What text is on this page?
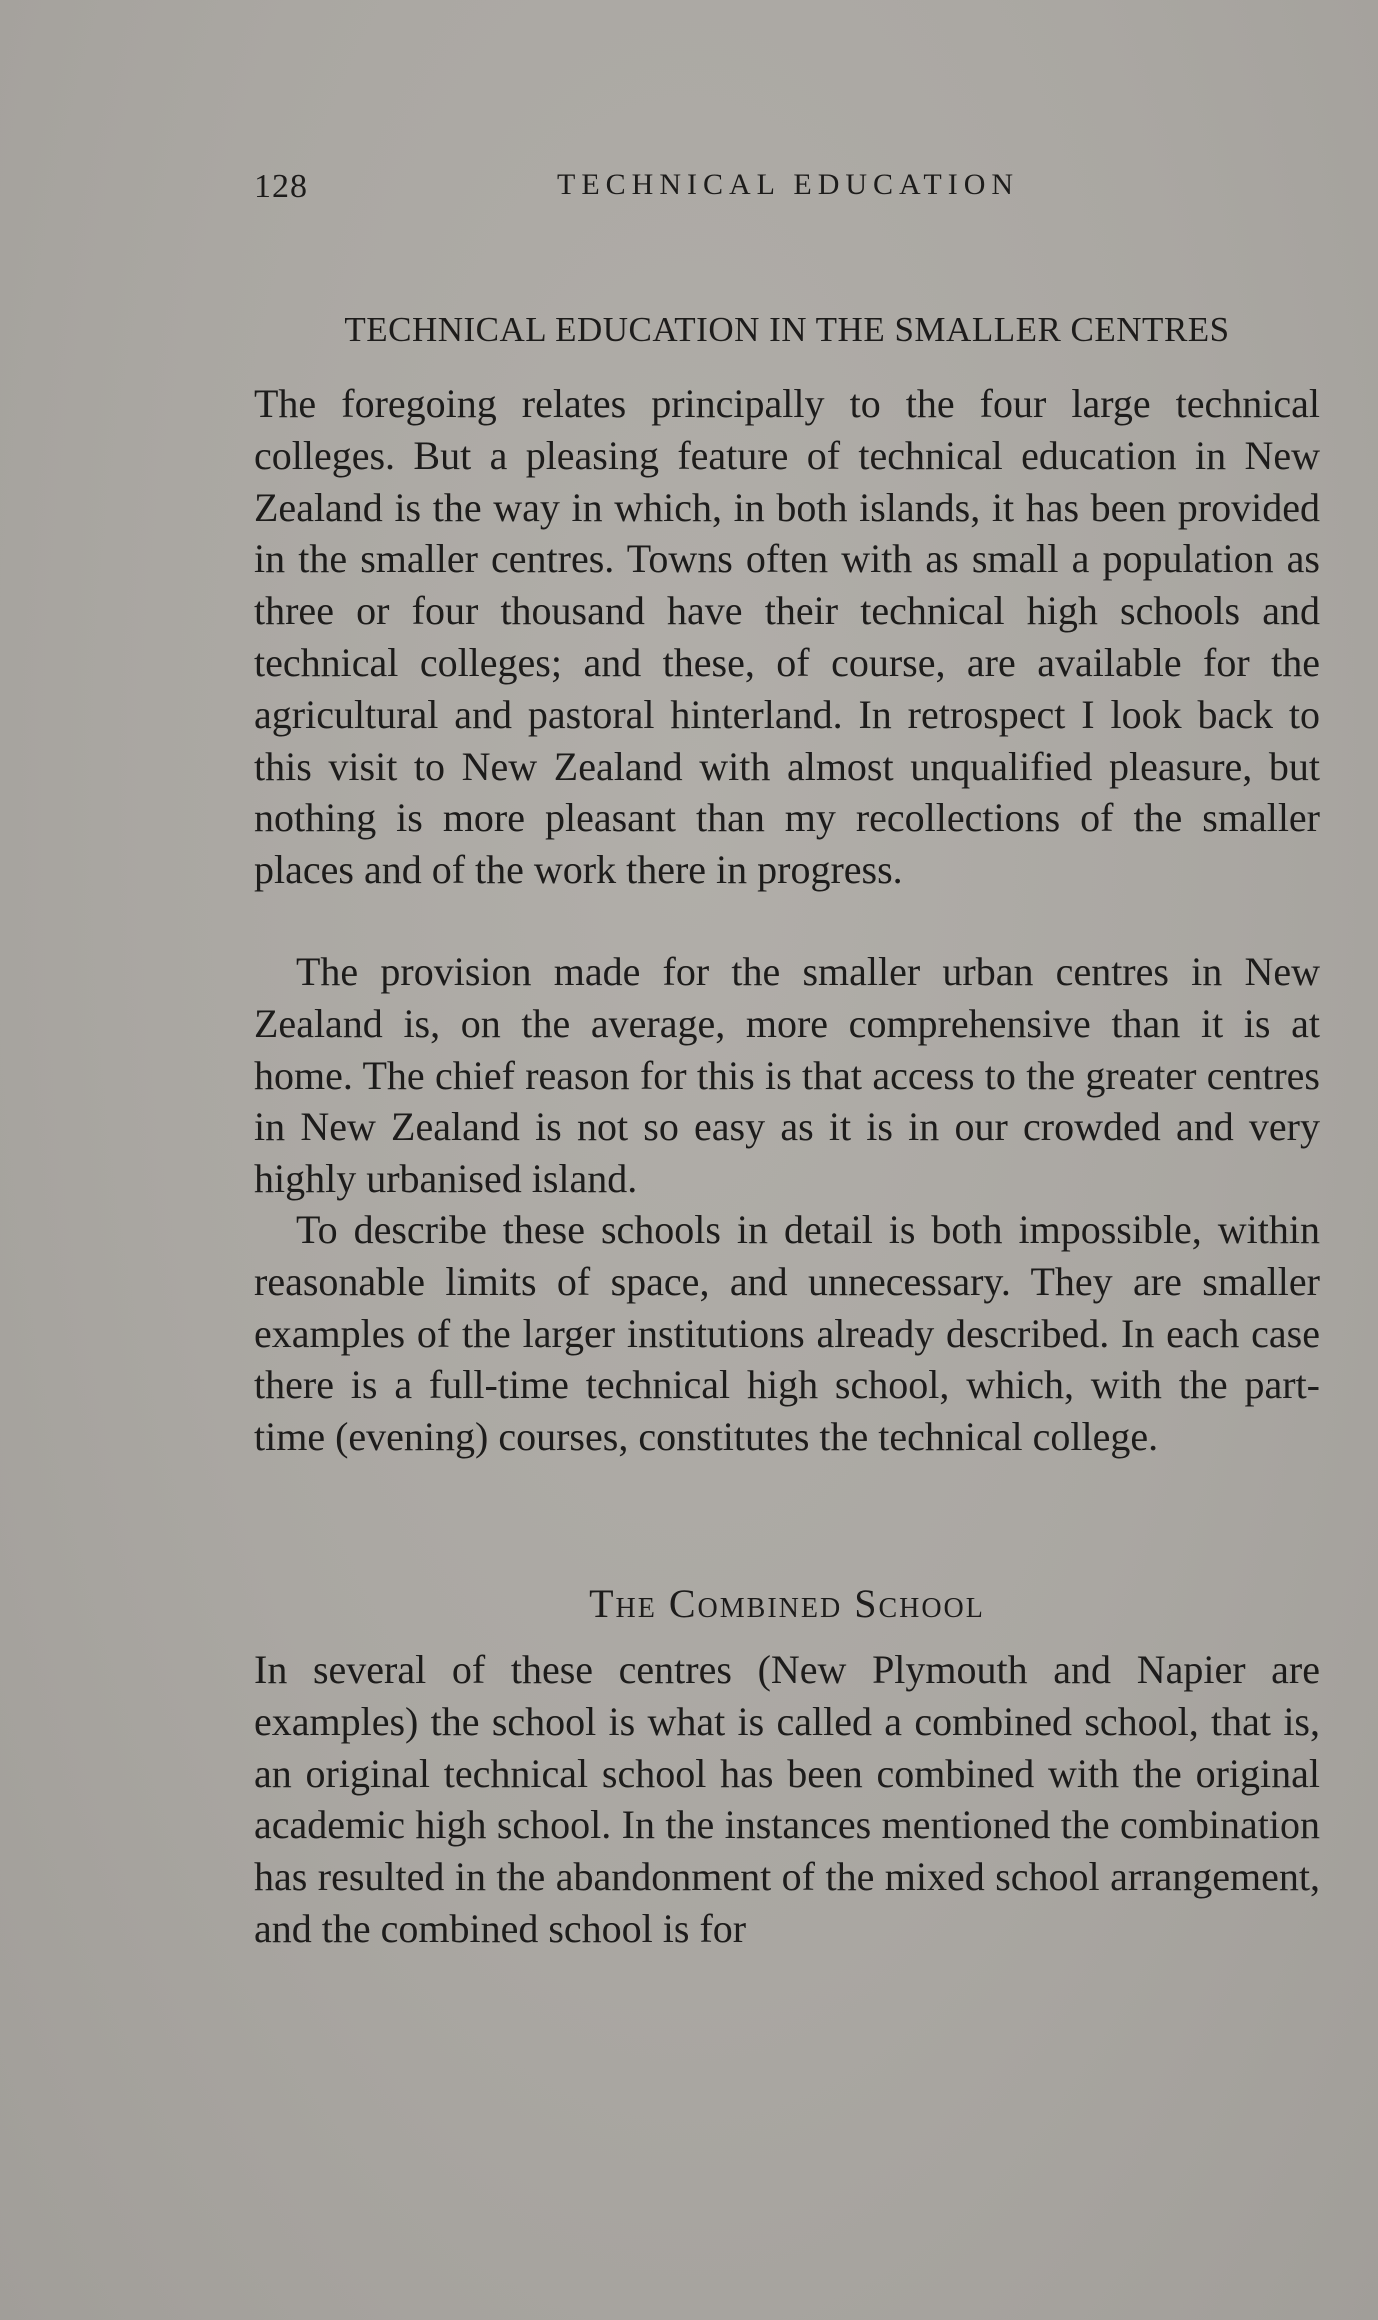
128	TECHNICAL EDUCATION
TECHNICAL EDUCATION IN THE SMALLER CENTRES

The foregoing relates principally to the four large technical colleges. But a pleasing feature of technical education in New Zealand is the way in which, in both islands, it has been provided in the smaller centres. Towns often with as small a population as three or four thousand have their technical high schools and technical colleges; and these, of course, are available for the agricultural and pastoral hinterland. In retrospect I look back to this visit to New Zealand with almost unqualified pleasure, but nothing is more pleasant than my recollections of the smaller places and of the work there in progress.

The provision made for the smaller urban centres in New Zealand is, on the average, more comprehensive than it is at home. The chief reason for this is that access to the greater centres in New Zealand is not so easy as it is in our crowded and very highly urbanised island.

To describe these schools in detail is both impossible, within reasonable limits of space, and unnecessary. They are smaller examples of the larger institutions already described. In each case there is a full-time technical high school, which, with the part-time (evening) courses, constitutes the technical college.

The Combined School

In several of these centres (New Plymouth and Napier are examples) the school is what is called a combined school, that is, an original technical school has been combined with the original academic high school. In the instances mentioned the combination has resulted in the abandonment of the mixed school arrangement, and the combined school is for
